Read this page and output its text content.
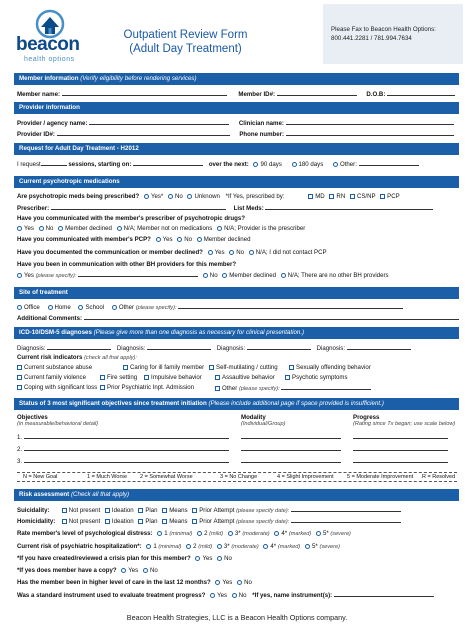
beacon
health options
Outpatient Review Form
(Adult Day Treatment)
Please Fax to Beacon Health Options:
800.441.2281 / 781.994.7634
Member information (Verify eligibility before rendering services)
Member name:	Member ID#:	D.O.B:
Provider information
Provider / agency name:	Clinician name:
Provider ID#:	Phone number:
Request for Adult Day Treatment - H2012
I request	sessions, starting on:	over the next: 90 days	180 days	Other:
Current psychotropic medications
Are psychotropic meds being prescribed? Yes* No Unknown *If Yes, prescribed by:	MD RN CS/NP PCP
Prescriber:	List Meds:
Have you communicated with the member's prescriber of psychotropic drugs?
Yes No Member declined N/A; Member not on medications N/A; Provider is the prescriber
Have you communicated with member's PCP? Yes No Member declined
Have you documented the communication or member declined? Yes No N/A; I did not contact PCP
Have you been in communication with other BH providers for this member?
Yes (please specify):	No Member declined N/A; There are no other BH providers
Site of treatment
Office Home School Other (please specify):
Additional Comments:
ICD-10/DSM-5 diagnoses (Please give more than one diagnosis as necessary for clinical presentation.)
Diagnosis:	Diagnosis:	Diagnosis:	Diagnosis:
Current risk indicators (check all that apply):
Current substance abuse	Caring for ill family member	Self-mutilating / cutting	Sexually offending behavior
Current family violence	Fire setting	Impulsive behavior	Assaultive behavior	Psychotic symptoms
Coping with significant loss	Prior Psychiatric Inpt. Admission	Other (please specify):
Status of 3 most significant objectives since treatment initiation (Please include additional page if space provided is insufficient.)
Objectives
(in measurable/behavioral detail)
Modality
(Individual/Group)
Progress
(Rating since Tx began; use scale below)
1.
2.
3.
N = New Goal	1 = Much Worse 2 = Somewhat Worse	3 = No Change	4 = Slight Improvement 5 = Moderate Improvement R = Resolved
Risk assessment (Check all that apply)
Suicidality:	Not present Ideation Plan Means Prior Attempt (please specify date):
Homicidality: Not present Ideation Plan Means Prior Attempt (please specify date):
Rate member's level of psychological distress: 1 (minimal) 2 (mild) 3* (moderate) 4* (marked) 5* (severe)
Current risk of psychiatric hospitalization*: 1 (minimal) 2 (mild) 3* (moderate) 4* (marked) 5* (severe)
*If you have created/reviewed a crisis plan for this member? Yes No
*If yes does member have a copy? Yes No
Has the member been in higher level of care in the last 12 months? Yes No
Was a standard instrument used to evaluate treatment progress? Yes No *If yes, name instrument(s):
Beacon Health Strategies, LLC is a Beacon Health Options company.
